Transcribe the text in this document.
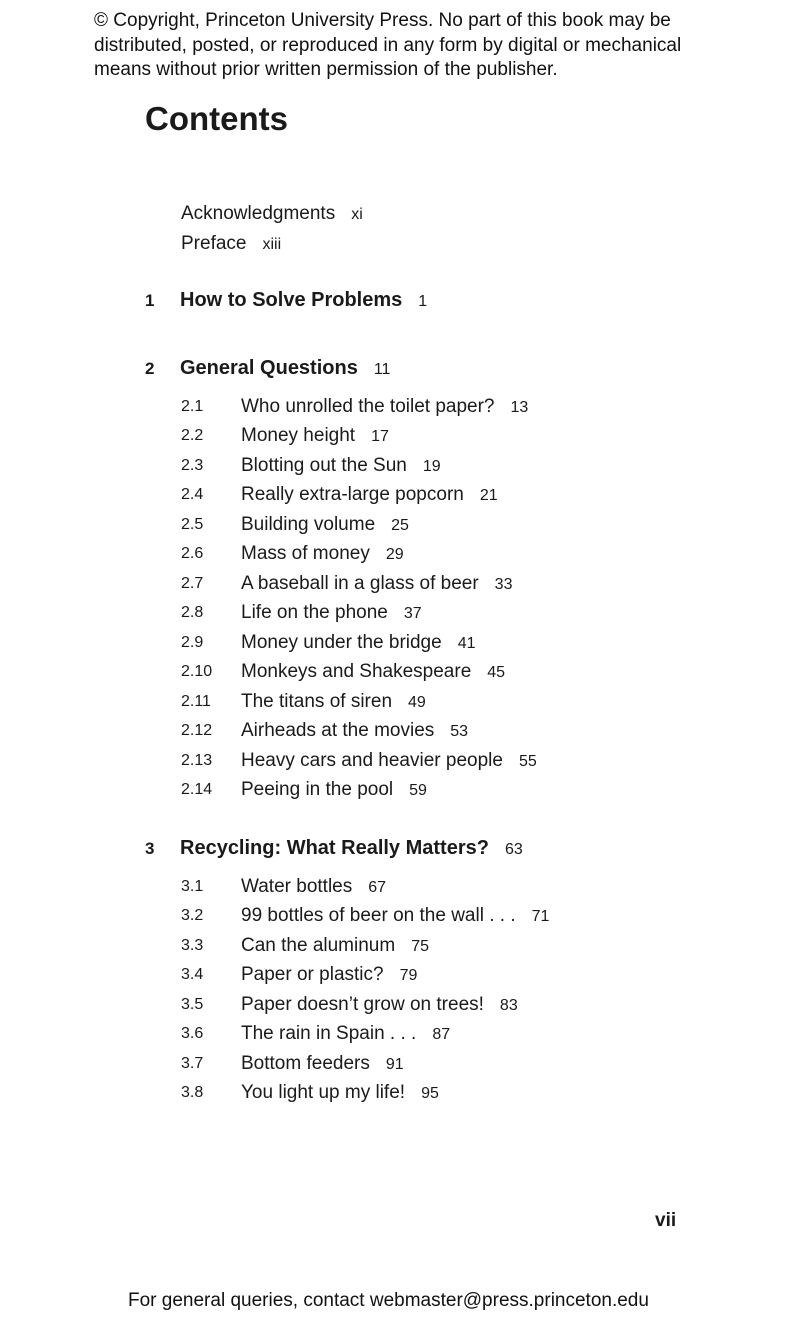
© Copyright, Princeton University Press. No part of this book may be distributed, posted, or reproduced in any form by digital or mechanical means without prior written permission of the publisher.
Contents
Acknowledgments xi
Preface xiii
1 How to Solve Problems 1
2 General Questions 11
2.1 Who unrolled the toilet paper? 13
2.2 Money height 17
2.3 Blotting out the Sun 19
2.4 Really extra-large popcorn 21
2.5 Building volume 25
2.6 Mass of money 29
2.7 A baseball in a glass of beer 33
2.8 Life on the phone 37
2.9 Money under the bridge 41
2.10 Monkeys and Shakespeare 45
2.11 The titans of siren 49
2.12 Airheads at the movies 53
2.13 Heavy cars and heavier people 55
2.14 Peeing in the pool 59
3 Recycling: What Really Matters? 63
3.1 Water bottles 67
3.2 99 bottles of beer on the wall . . . 71
3.3 Can the aluminum 75
3.4 Paper or plastic? 79
3.5 Paper doesn’t grow on trees! 83
3.6 The rain in Spain . . . 87
3.7 Bottom feeders 91
3.8 You light up my life! 95
vii
For general queries, contact webmaster@press.princeton.edu
